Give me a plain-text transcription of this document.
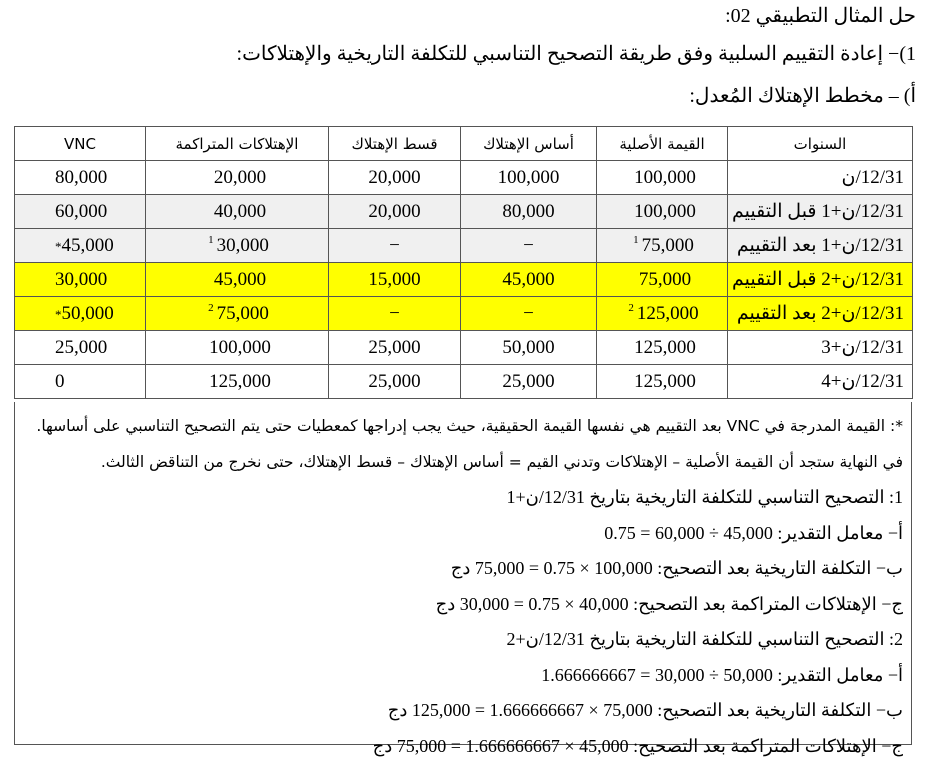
حل المثال التطبيقي 02:
1)− إعادة التقييم السلبية وفق طريقة التصحيح التناسبي للتكلفة التاريخية والإهتلاكات:
أ) – مخطط الإهتلاك المُعدل:
السنوات	القيمة الأصلية	أساس الإهتلاك	قسط الإهتلاك	الإهتلاكات المتراكمة	VNC
12/31/ن	100,000	100,000	20,000	20,000	80,000
12/31/ن+1 قبل التقييم	100,000	80,000	20,000	40,000	60,000
12/31/ن+1 بعد التقييم	$^1$ 75,000	−	−	$^1$ 30,000	*45,000
12/31/ن+2 قبل التقييم	75,000	45,000	15,000	45,000	30,000
12/31/ن+2 بعد التقييم	$^2$ 125,000	−	−	$^2$ 75,000	*50,000
12/31/ن+3	125,000	50,000	25,000	100,000	25,000
12/31/ن+4	125,000	25,000	25,000	125,000	0
*: القيمة المدرجة في VNC بعد التقييم هي نفسها القيمة الحقيقية، حيث يجب إدراجها كمعطيات حتى يتم التصحيح التناسبي على أساسها.
في النهاية ستجد أن القيمة الأصلية – الإهتلاكات وتدني القيم = أساس الإهتلاك – قسط الإهتلاك، حتى نخرج من التناقض الثالث.
1: التصحيح التناسبي للتكلفة التاريخية بتاريخ 12/31/ن+1
أ− معامل التقدير: 45,000 ÷ 60,000 = 0.75
ب− التكلفة التاريخية بعد التصحيح: 100,000 × 0.75 = 75,000 دج
ج− الإهتلاكات المتراكمة بعد التصحيح: 40,000 × 0.75 = 30,000 دج
2: التصحيح التناسبي للتكلفة التاريخية بتاريخ 12/31/ن+2
أ− معامل التقدير: 50,000 ÷ 30,000 = 1.666666667
ب− التكلفة التاريخية بعد التصحيح: 75,000 × 1.666666667 = 125,000 دج
ج− الإهتلاكات المتراكمة بعد التصحيح: 45,000 × 1.666666667 = 75,000 دج
